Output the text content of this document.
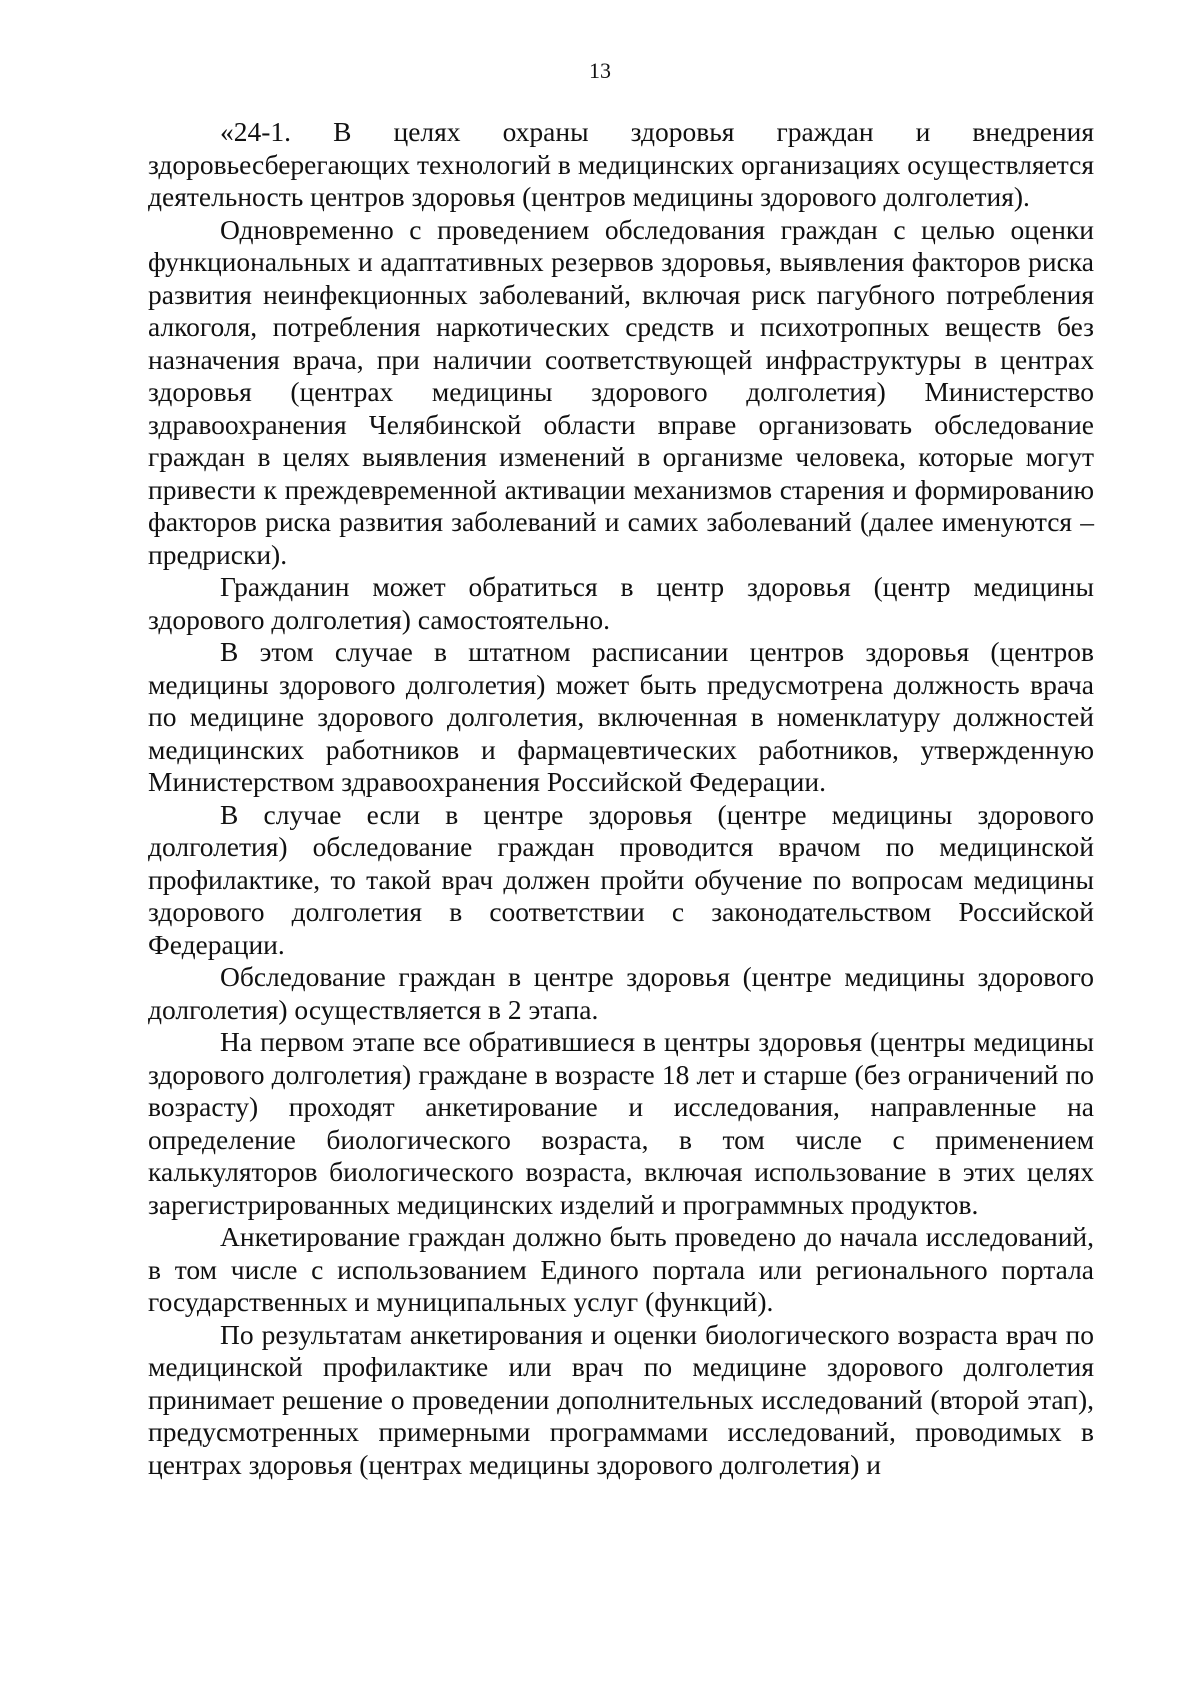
13

«24-1. В целях охраны здоровья граждан и внедрения здоровьесберегающих технологий в медицинских организациях осуществляется деятельность центров здоровья (центров медицины здорового долголетия).

Одновременно с проведением обследования граждан с целью оценки функциональных и адаптативных резервов здоровья, выявления факторов риска развития неинфекционных заболеваний, включая риск пагубного потребления алкоголя, потребления наркотических средств и психотропных веществ без назначения врача, при наличии соответствующей инфраструктуры в центрах здоровья (центрах медицины здорового долголетия) Министерство здравоохранения Челябинской области вправе организовать обследование граждан в целях выявления изменений в организме человека, которые могут привести к преждевременной активации механизмов старения и формированию факторов риска развития заболеваний и самих заболеваний (далее именуются – предриски).

Гражданин может обратиться в центр здоровья (центр медицины здорового долголетия) самостоятельно.

В этом случае в штатном расписании центров здоровья (центров медицины здорового долголетия) может быть предусмотрена должность врача по медицине здорового долголетия, включенная в номенклатуру должностей медицинских работников и фармацевтических работников, утвержденную Министерством здравоохранения Российской Федерации.

В случае если в центре здоровья (центре медицины здорового долголетия) обследование граждан проводится врачом по медицинской профилактике, то такой врач должен пройти обучение по вопросам медицины здорового долголетия в соответствии с законодательством Российской Федерации.

Обследование граждан в центре здоровья (центре медицины здорового долголетия) осуществляется в 2 этапа.

На первом этапе все обратившиеся в центры здоровья (центры медицины здорового долголетия) граждане в возрасте 18 лет и старше (без ограничений по возрасту) проходят анкетирование и исследования, направленные на определение биологического возраста, в том числе с применением калькуляторов биологического возраста, включая использование в этих целях зарегистрированных медицинских изделий и программных продуктов.

Анкетирование граждан должно быть проведено до начала исследований, в том числе с использованием Единого портала или регионального портала государственных и муниципальных услуг (функций).

По результатам анкетирования и оценки биологического возраста врач по медицинской профилактике или врач по медицине здорового долголетия принимает решение о проведении дополнительных исследований (второй этап), предусмотренных примерными программами исследований, проводимых в центрах здоровья (центрах медицины здорового долголетия) и
